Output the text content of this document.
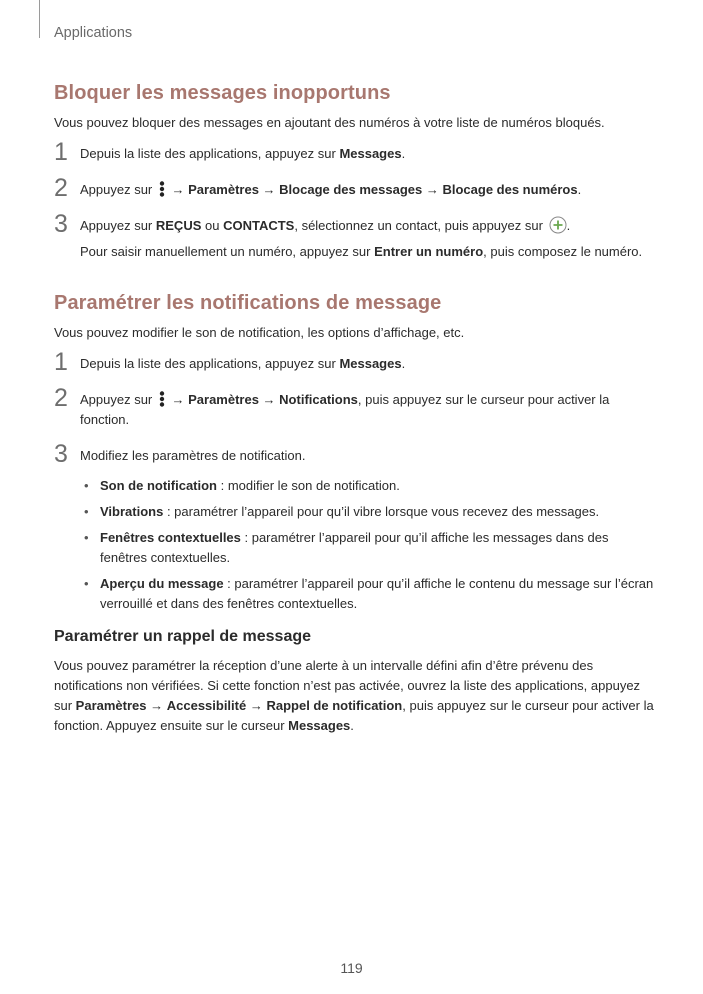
Applications
Bloquer les messages inopportuns

Vous pouvez bloquer des messages en ajoutant des numéros à votre liste de numéros bloqués.

1 Depuis la liste des applications, appuyez sur Messages.
2 Appuyez sur  → Paramètres → Blocage des messages → Blocage des numéros.
3 Appuyez sur REÇUS ou CONTACTS, sélectionnez un contact, puis appuyez sur .
Pour saisir manuellement un numéro, appuyez sur Entrer un numéro, puis composez le numéro.
Paramétrer les notifications de message

Vous pouvez modifier le son de notification, les options d’affichage, etc.

1 Depuis la liste des applications, appuyez sur Messages.
2 Appuyez sur  → Paramètres → Notifications, puis appuyez sur le curseur pour activer la fonction.
3 Modifiez les paramètres de notification.
• Son de notification : modifier le son de notification.
• Vibrations : paramétrer l’appareil pour qu’il vibre lorsque vous recevez des messages.
• Fenêtres contextuelles : paramétrer l’appareil pour qu’il affiche les messages dans des fenêtres contextuelles.
• Aperçu du message : paramétrer l’appareil pour qu’il affiche le contenu du message sur l’écran verrouillé et dans des fenêtres contextuelles.
Paramétrer un rappel de message

Vous pouvez paramétrer la réception d’une alerte à un intervalle défini afin d’être prévenu des notifications non vérifiées. Si cette fonction n’est pas activée, ouvrez la liste des applications, appuyez sur Paramètres → Accessibilité → Rappel de notification, puis appuyez sur le curseur pour activer la fonction. Appuyez ensuite sur le curseur Messages.

119
